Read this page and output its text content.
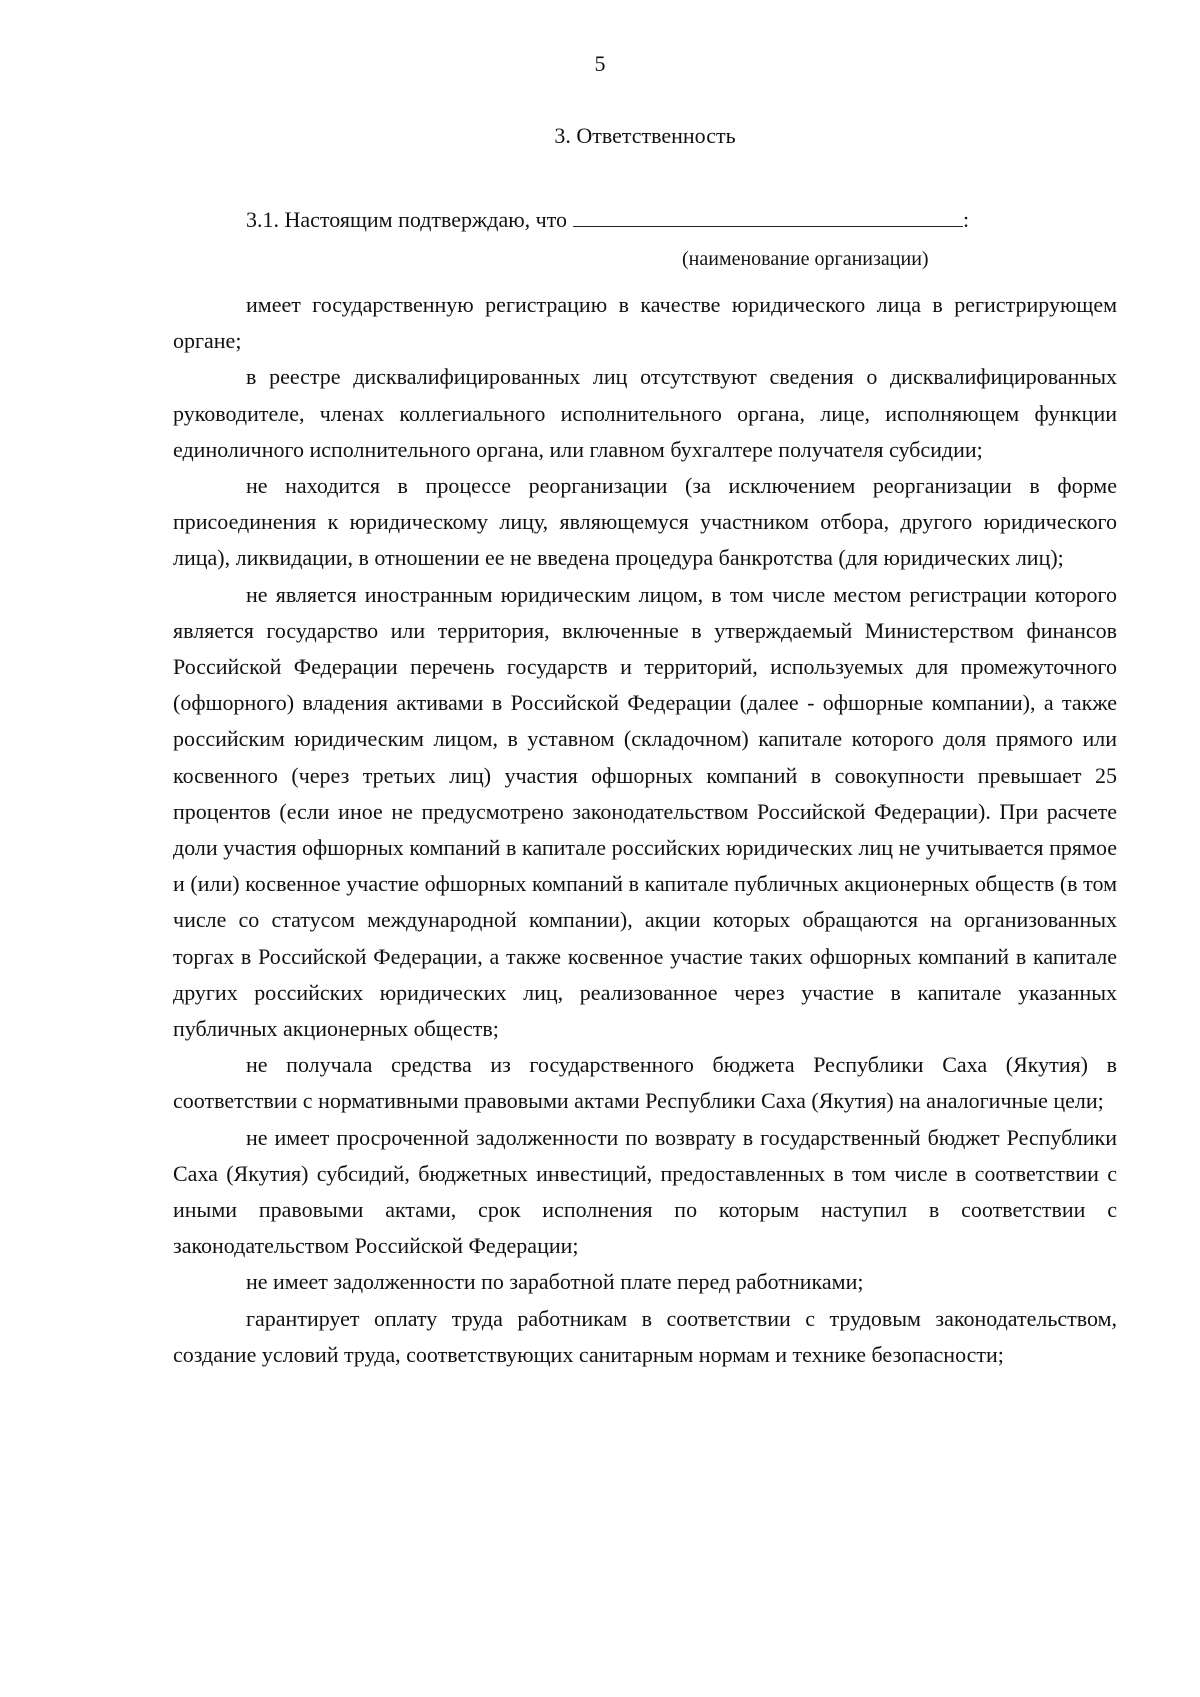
5
3. Ответственность
3.1. Настоящим подтверждаю, что	:
(наименование организации)

имеет государственную регистрацию в качестве юридического лица в регистрирующем органе;

в реестре дисквалифицированных лиц отсутствуют сведения о дисквалифицированных руководителе, членах коллегиального исполнительного органа, лице, исполняющем функции единоличного исполнительного органа, или главном бухгалтере получателя субсидии;

не находится в процессе реорганизации (за исключением реорганизации в форме присоединения к юридическому лицу, являющемуся участником отбора, другого юридического лица), ликвидации, в отношении ее не введена процедура банкротства (для юридических лиц);

не является иностранным юридическим лицом, в том числе местом регистрации которого является государство или территория, включенные в утверждаемый Министерством финансов Российской Федерации перечень государств и территорий, используемых для промежуточного (офшорного) владения активами в Российской Федерации (далее - офшорные компании), а также российским юридическим лицом, в уставном (складочном) капитале которого доля прямого или косвенного (через третьих лиц) участия офшорных компаний в совокупности превышает 25 процентов (если иное не предусмотрено законодательством Российской Федерации). При расчете доли участия офшорных компаний в капитале российских юридических лиц не учитывается прямое и (или) косвенное участие офшорных компаний в капитале публичных акционерных обществ (в том числе со статусом международной компании), акции которых обращаются на организованных торгах в Российской Федерации, а также косвенное участие таких офшорных компаний в капитале других российских юридических лиц, реализованное через участие в капитале указанных публичных акционерных обществ;

не получала средства из государственного бюджета Республики Саха (Якутия) в соответствии с нормативными правовыми актами Республики Саха (Якутия) на аналогичные цели;

не имеет просроченной задолженности по возврату в государственный бюджет Республики Саха (Якутия) субсидий, бюджетных инвестиций, предоставленных в том числе в соответствии с иными правовыми актами, срок исполнения по которым наступил в соответствии с законодательством Российской Федерации;

не имеет задолженности по заработной плате перед работниками;

гарантирует оплату труда работникам в соответствии с трудовым законодательством, создание условий труда, соответствующих санитарным нормам и технике безопасности;
